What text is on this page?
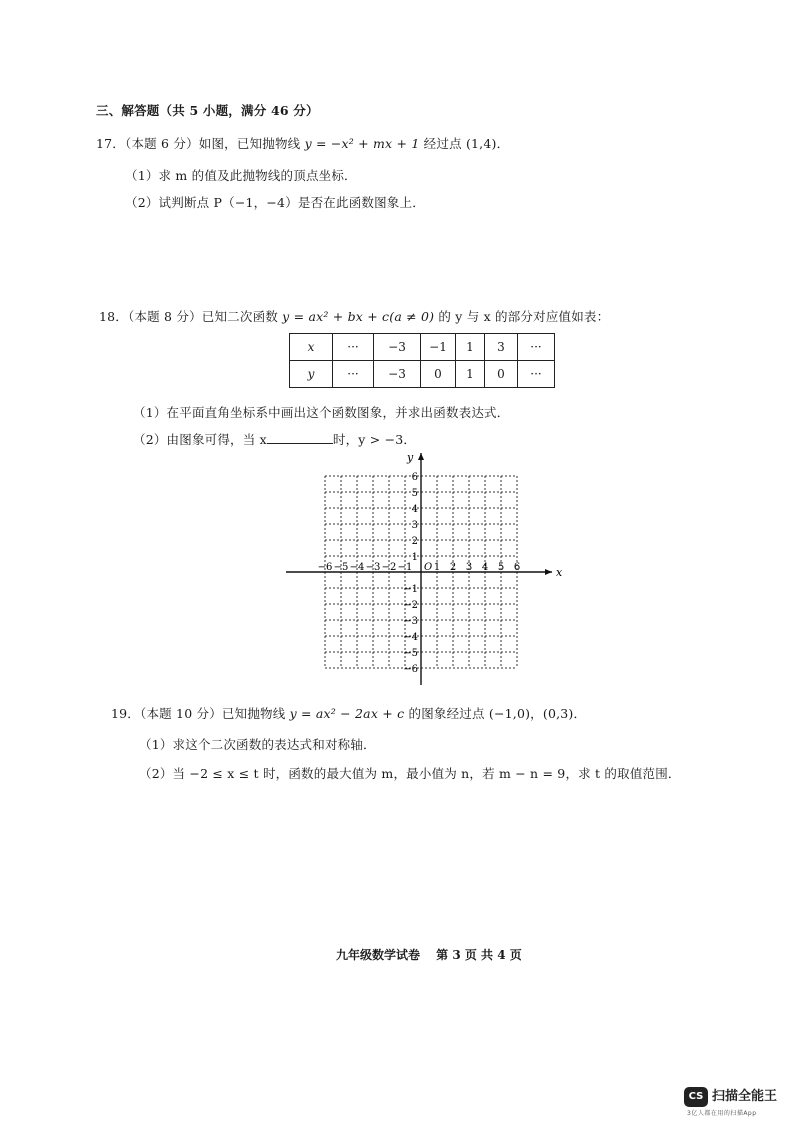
三、解答题（共 5 小题，满分 46 分）
17．（本题 6 分）如图，已知抛物线 y = −x² + mx + 1 经过点 (1,4)．
（1）求 m 的值及此抛物线的顶点坐标．
（2）试判断点 P（−1，−4）是否在此函数图象上．
18．（本题 8 分）已知二次函数 y = ax² + bx + c(a ≠ 0) 的 y 与 x 的部分对应值如表：
x	···	−3	−1	1	3	···
y	···	−3	0	1	0	···
（1）在平面直角坐标系中画出这个函数图象，并求出函数表达式．
（2）由图象可得，当 x	时，y > −3．
x
y
O
−6 −5 −4 −3 −2 −1 1 2 3 4 5 6
6
5
4
3
2
1
−1
−2
−3
−4
−5
−6
19．（本题 10 分）已知抛物线 y = ax² − 2ax + c 的图象经过点 (−1,0)，(0,3)．
（1）求这个二次函数的表达式和对称轴．
（2）当 −2 ≤ x ≤ t 时，函数的最大值为 m，最小值为 n，若 m − n = 9，求 t 的取值范围．
九年级数学试卷　 第 3 页 共 4 页
CS 扫描全能王
3亿人都在用的扫描App
